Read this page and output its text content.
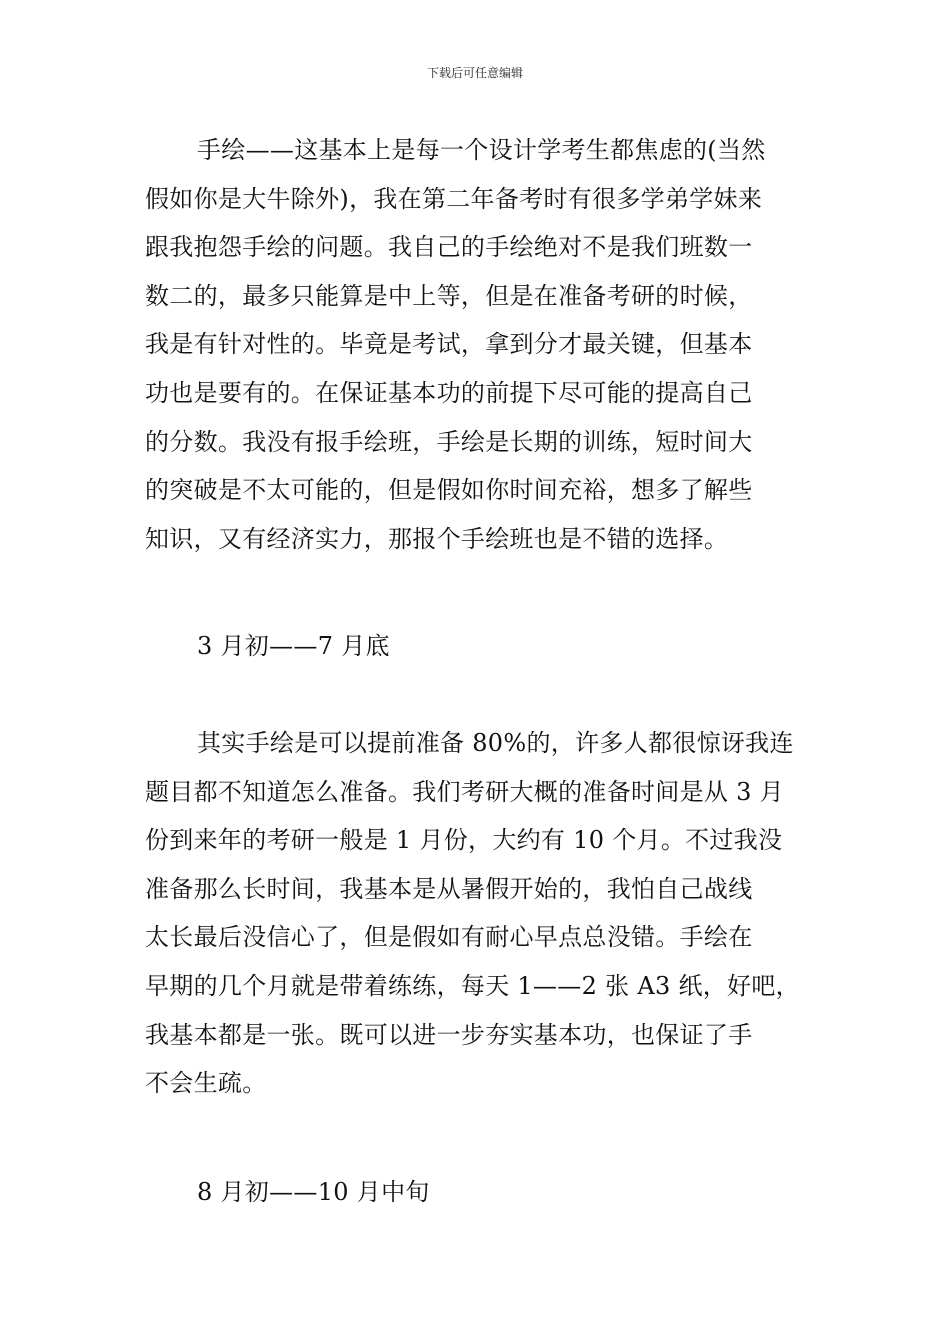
下载后可任意编辑
手绘——这基本上是每一个设计学考生都焦虑的(当然
假如你是大牛除外)，我在第二年备考时有很多学弟学妹来
跟我抱怨手绘的问题。我自己的手绘绝对不是我们班数一
数二的，最多只能算是中上等，但是在准备考研的时候，
我是有针对性的。毕竟是考试，拿到分才最关键，但基本
功也是要有的。在保证基本功的前提下尽可能的提高自己
的分数。我没有报手绘班，手绘是长期的训练，短时间大
的突破是不太可能的，但是假如你时间充裕，想多了解些
知识，又有经济实力，那报个手绘班也是不错的选择。
3 月初——7 月底
其实手绘是可以提前准备 80%的，许多人都很惊讶我连
题目都不知道怎么准备。我们考研大概的准备时间是从 3 月
份到来年的考研一般是 1 月份，大约有 10 个月。不过我没
准备那么长时间，我基本是从暑假开始的，我怕自己战线
太长最后没信心了，但是假如有耐心早点总没错。手绘在
早期的几个月就是带着练练，每天 1——2 张 A3 纸，好吧，
我基本都是一张。既可以进一步夯实基本功，也保证了手
不会生疏。
8 月初——10 月中旬
